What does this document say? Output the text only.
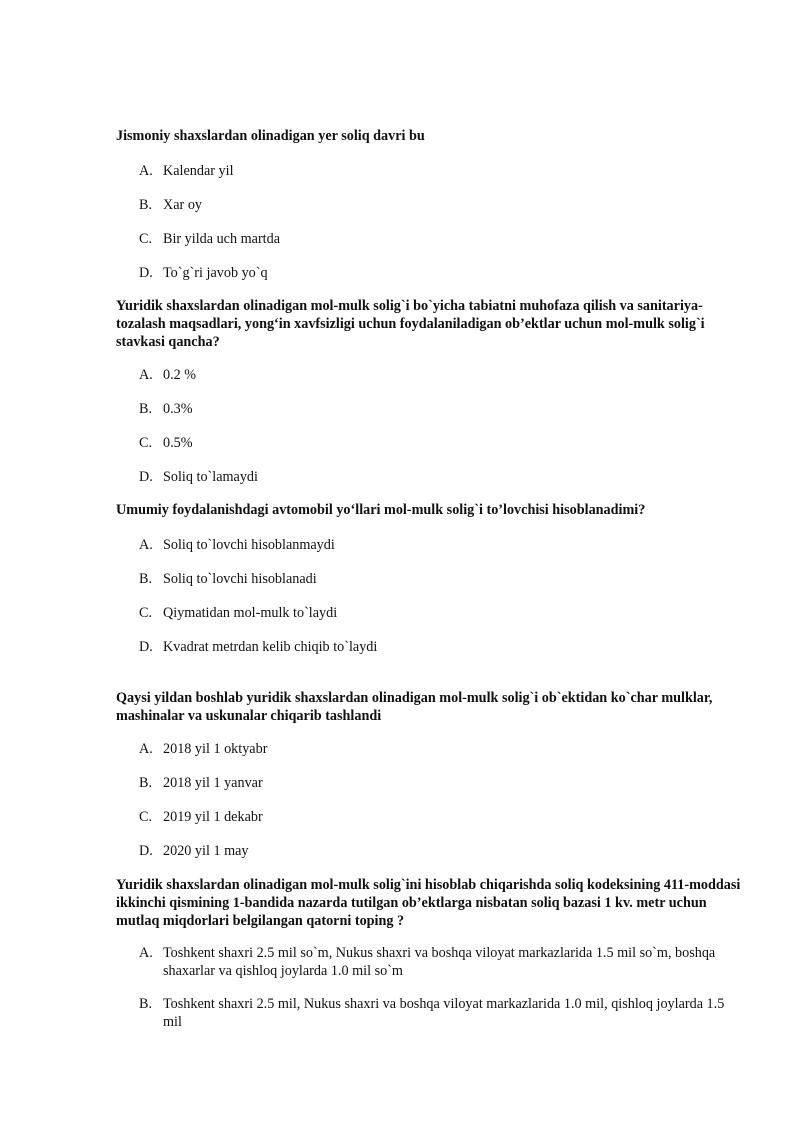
Jismoniy shaxslardan olinadigan yer soliq davri bu
A. Kalendar yil
B. Xar oy
C. Bir yilda uch martda
D. To`g`ri javob yo`q
Yuridik shaxslardan olinadigan mol-mulk solig`i bo`yicha tabiatni muhofaza qilish va sanitariya-tozalash maqsadlari, yong‘in xavfsizligi uchun foydalaniladigan ob’ektlar uchun mol-mulk solig`i stavkasi qancha?
A. 0.2 %
B. 0.3%
C. 0.5%
D. Soliq to`lamaydi
Umumiy foydalanishdagi avtomobil yo‘llari mol-mulk solig`i to’lovchisi hisoblanadimi?
A. Soliq to`lovchi hisoblanmaydi
B. Soliq to`lovchi hisoblanadi
C. Qiymatidan mol-mulk to`laydi
D. Kvadrat metrdan kelib chiqib to`laydi
Qaysi yildan boshlab yuridik shaxslardan olinadigan mol-mulk solig`i ob`ektidan ko`char mulklar, mashinalar va uskunalar chiqarib tashlandi
A. 2018 yil 1 oktyabr
B. 2018 yil 1 yanvar
C. 2019 yil 1 dekabr
D. 2020 yil 1 may
Yuridik shaxslardan olinadigan mol-mulk solig`ini hisoblab chiqarishda soliq kodeksining 411-moddasi ikkinchi qismining 1-bandida nazarda tutilgan ob’ektlarga nisbatan soliq bazasi 1 kv. metr uchun mutlaq miqdorlari belgilangan qatorni toping ?
A. Toshkent shaxri 2.5 mil so`m, Nukus shaxri va boshqa viloyat markazlarida 1.5 mil so`m, boshqa shaxarlar va qishloq joylarda 1.0 mil so`m
B. Toshkent shaxri 2.5 mil, Nukus shaxri va boshqa viloyat markazlarida 1.0 mil, qishloq joylarda 1.5 mil
